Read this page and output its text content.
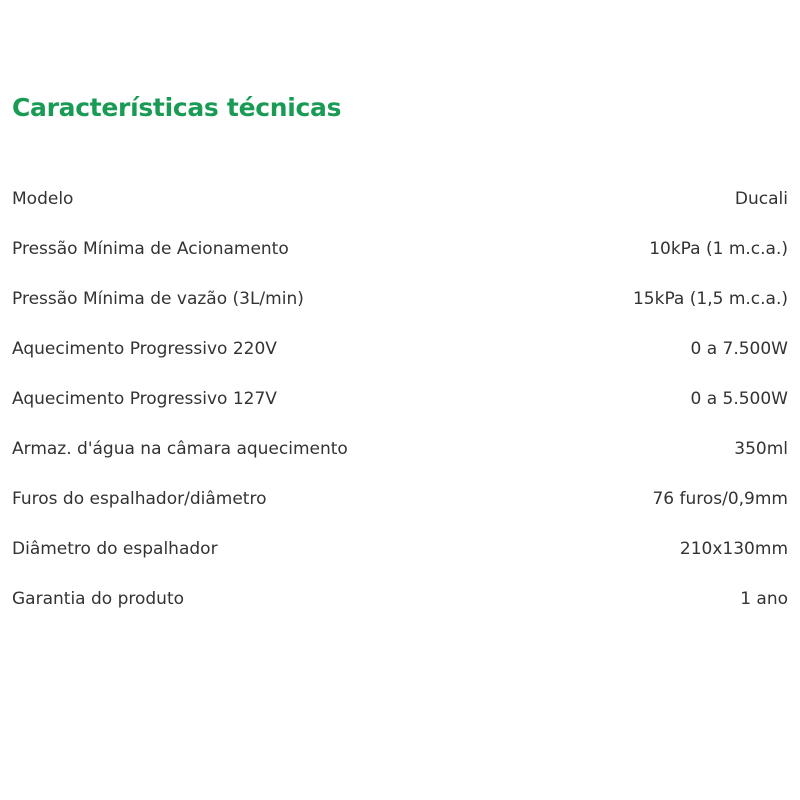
Características técnicas
Modelo	Ducali
Pressão Mínima de Acionamento	10kPa (1 m.c.a.)
Pressão Mínima de vazão (3L/min)	15kPa (1,5 m.c.a.)
Aquecimento Progressivo 220V	0 a 7.500W
Aquecimento Progressivo 127V	0 a 5.500W
Armaz. d'água na câmara aquecimento	350ml
Furos do espalhador/diâmetro	76 furos/0,9mm
Diâmetro do espalhador	210x130mm
Garantia do produto	1 ano
